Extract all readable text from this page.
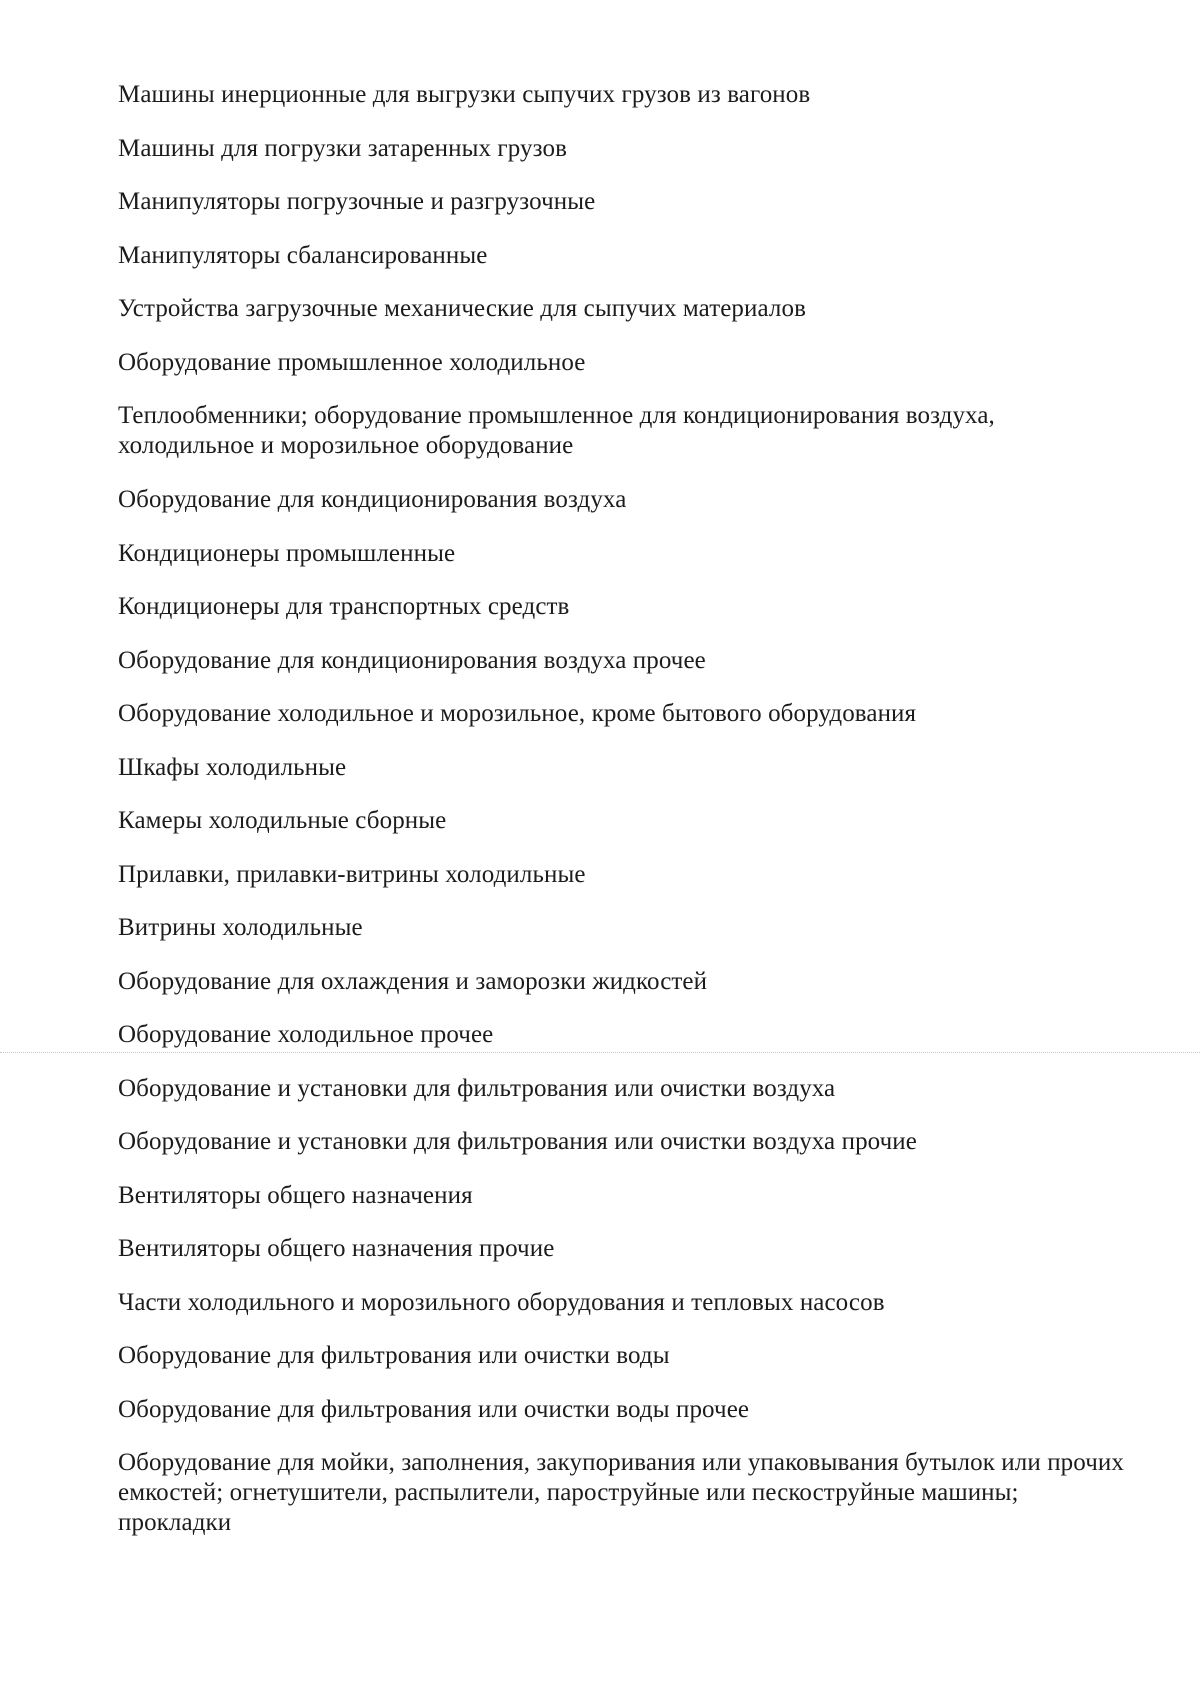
Машины инерционные для выгрузки сыпучих грузов из вагонов
Машины для погрузки затаренных грузов
Манипуляторы погрузочные и разгрузочные
Манипуляторы сбалансированные
Устройства загрузочные механические для сыпучих материалов
Оборудование промышленное холодильное
Теплообменники; оборудование промышленное для кондиционирования воздуха, холодильное и морозильное оборудование
Оборудование для кондиционирования воздуха
Кондиционеры промышленные
Кондиционеры для транспортных средств
Оборудование для кондиционирования воздуха прочее
Оборудование холодильное и морозильное, кроме бытового оборудования
Шкафы холодильные
Камеры холодильные сборные
Прилавки, прилавки-витрины холодильные
Витрины холодильные
Оборудование для охлаждения и заморозки жидкостей
Оборудование холодильное прочее
Оборудование и установки для фильтрования или очистки воздуха
Оборудование и установки для фильтрования или очистки воздуха прочие
Вентиляторы общего назначения
Вентиляторы общего назначения прочие
Части холодильного и морозильного оборудования и тепловых насосов
Оборудование для фильтрования или очистки воды
Оборудование для фильтрования или очистки воды прочее
Оборудование для мойки, заполнения, закупоривания или упаковывания бутылок или прочих емкостей; огнетушители, распылители, пароструйные или пескоструйные машины; прокладки
